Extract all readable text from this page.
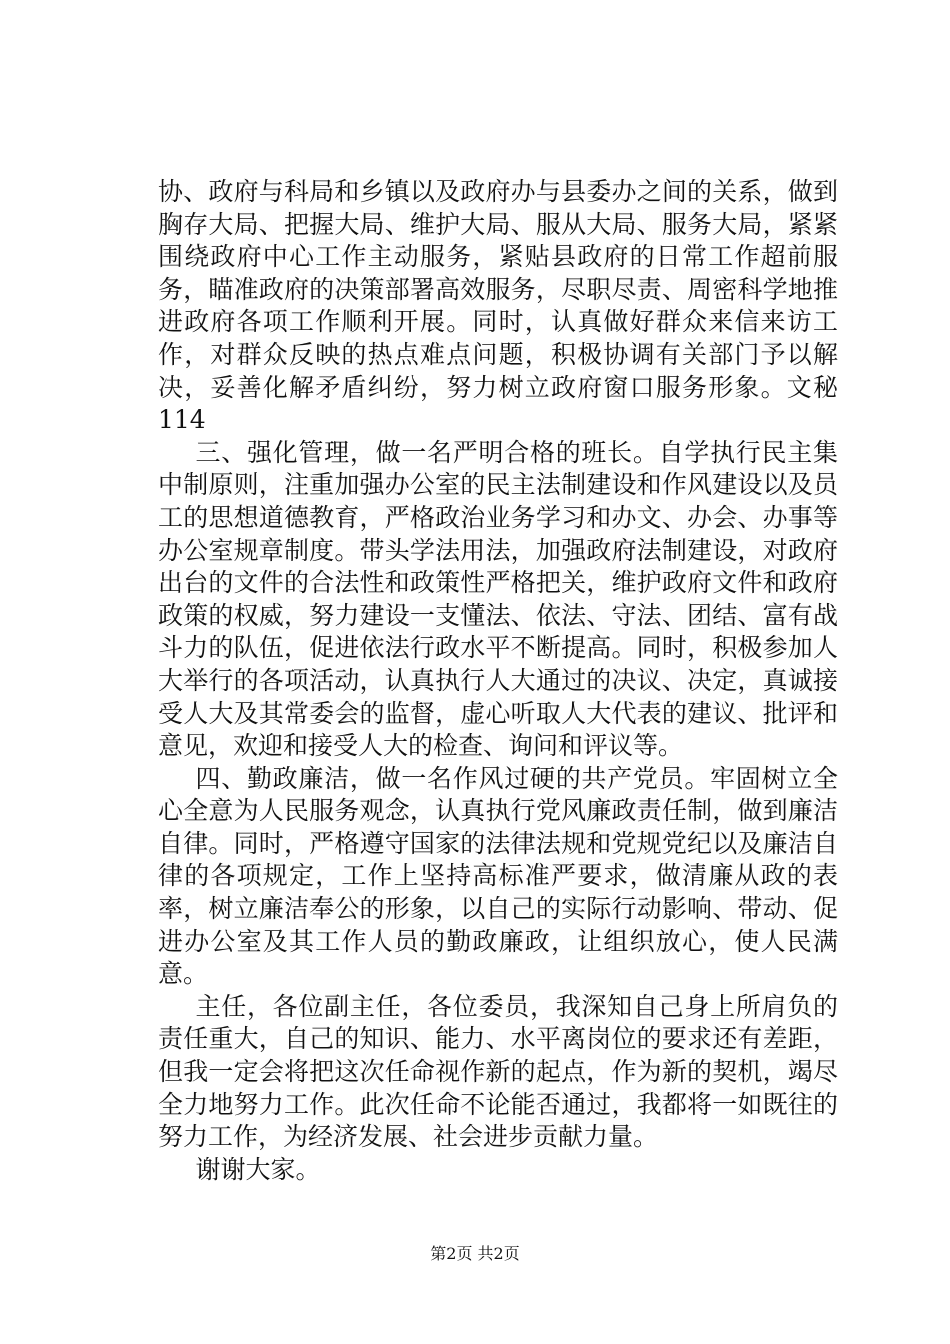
协、政府与科局和乡镇以及政府办与县委办之间的关系，做到胸存大局、把握大局、维护大局、服从大局、服务大局，紧紧围绕政府中心工作主动服务，紧贴县政府的日常工作超前服务，瞄准政府的决策部署高效服务，尽职尽责、周密科学地推进政府各项工作顺利开展。同时，认真做好群众来信来访工作，对群众反映的热点难点问题，积极协调有关部门予以解决，妥善化解矛盾纠纷，努力树立政府窗口服务形象。文秘114

三、强化管理，做一名严明合格的班长。自学执行民主集中制原则，注重加强办公室的民主法制建设和作风建设以及员工的思想道德教育，严格政治业务学习和办文、办会、办事等办公室规章制度。带头学法用法，加强政府法制建设，对政府出台的文件的合法性和政策性严格把关，维护政府文件和政府政策的权威，努力建设一支懂法、依法、守法、团结、富有战斗力的队伍，促进依法行政水平不断提高。同时，积极参加人大举行的各项活动，认真执行人大通过的决议、决定，真诚接受人大及其常委会的监督，虚心听取人大代表的建议、批评和意见，欢迎和接受人大的检查、询问和评议等。

四、勤政廉洁，做一名作风过硬的共产党员。牢固树立全心全意为人民服务观念，认真执行党风廉政责任制，做到廉洁自律。同时，严格遵守国家的法律法规和党规党纪以及廉洁自律的各项规定，工作上坚持高标准严要求，做清廉从政的表率，树立廉洁奉公的形象，以自己的实际行动影响、带动、促进办公室及其工作人员的勤政廉政，让组织放心，使人民满意。

主任，各位副主任，各位委员，我深知自己身上所肩负的责任重大，自己的知识、能力、水平离岗位的要求还有差距，但我一定会将把这次任命视作新的起点，作为新的契机，竭尽全力地努力工作。此次任命不论能否通过，我都将一如既往的努力工作，为经济发展、社会进步贡献力量。

谢谢大家。

第2页 共2页
